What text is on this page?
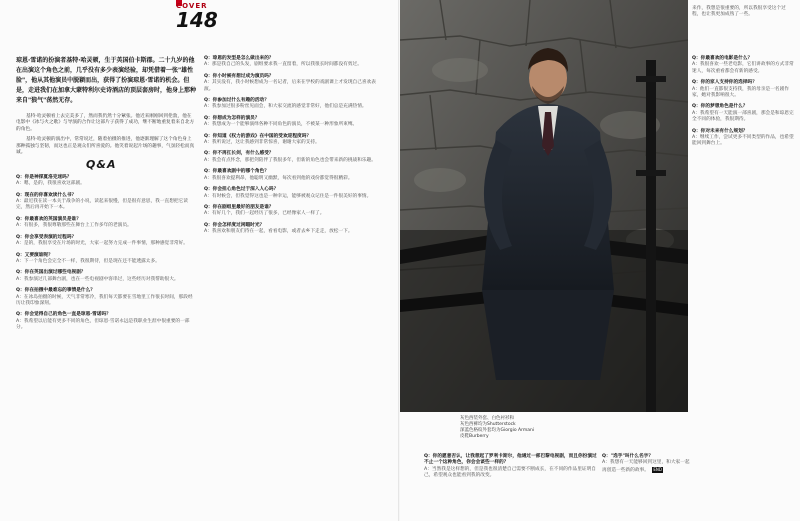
COVER
148
琼恩·雪诺的扮演者基特·哈灵顿，生于英国伯卡斯郡。二十九岁的他在出演这个角色之前，几乎没有多少表演经验，却凭借着一张"雄性脸"，他从其他演员中脱颖而出，获得了扮演琼恩·雪诺的机会。但是，走进我们在加拿大蒙特利尔史诗酒店的顶层套房时，他身上那种来自"狼气"荡然无存。

基特·哈灵顿看上去完美多了，然而我仍然十分紧张。他近来刚刚回到伦敦，他在电影中《冰与火之歌》与导演的合作让这部片子获得了成功，继不断地重复着来自北方的角色。

基特·哈灵顿的演出中，常常说过，随着拍摄的推进，他逐渐理解了这个角色身上那种孤独与坚韧，而这也正是观众们所喜爱的。他笑着说起片场的趣事，气氛轻松而真诚。

Q&A
Q：你是神探夏洛克迷吗？
A：嗯，是的，我很喜欢这部剧。
Q：现在的你喜欢读什么书？
A：最近我在读一本关于战争的小说，读起来很慢，但是很有意思，我一直想把它读完，然后再开始下一本。
Q：你最喜欢的英国演员是谁？
A：有很多，我很尊敬那些在舞台上工作多年的老演员。
Q：你会享受表演的过程吗？
A：是的，我很享受在片场的时光，大家一起努力完成一件事情，那种感觉非常好。
Q：又要演谁呢？
A：下一个角色会完全不一样，我很期待，但是现在还不能透露太多。
Q：你在英国出演过哪些电视剧？
A：我参演过几部舞台剧，也在一些电视剧中客串过，这些经历对我帮助很大。
Q：你在拍摄中最难忘的事情是什么？
A：在冰岛拍摄的时候，天气非常寒冷，我们每天都要在雪地里工作很长时间，那段经历让我印象深刻。
Q：你会觉得自己的角色一直是琼恩·雪诺吗？
A：我希望以后能有更多不同的角色，但琼恩·雪诺永远是我职业生涯中很重要的一部分。
Q：琼恩的发型是怎么做出来的？
A：那是我自己的头发，剧组要求我一直留着，所以我很长时间都没有剪过。
Q：你小时候有想过成为演员吗？
A：其实没有，我小时候想成为一名记者，后来在学校的戏剧课上才发现自己喜欢表演。
Q：你参加过什么有趣的活动？
A：我参加过很多粉丝见面会，和大家交流的感觉非常好，他们总是充满热情。
Q：你想成为怎样的演员？
A：我想成为一个能够演绎各种不同角色的演员，不被某一种形象所束缚。
Q：你知道《权力的游戏》在中国的受欢迎程度吗？
A：我听说过，这让我感到非常惊喜，谢谢大家的支持。
Q：你不再扛长剑，有什么感受？
A：我会有点怀念，那把剑陪伴了我很多年，但新的角色也会带来新的挑战和乐趣。
Q：你最喜欢剧中的哪个角色？
A：我很喜欢提利昂，他聪明又幽默，每次看到他的戏份都觉得很精彩。
Q：你会担心角色过于深入人心吗？
A：有时候会，但我觉得这也是一种幸运，能够被观众记住是一件很美好的事情。
Q：你在剧组里最好的朋友是谁？
A：有好几个，我们一起经历了很多，已经像家人一样了。
Q：你会怎样度过闲暇时光？
A：我喜欢和朋友们待在一起，看看电影，或者去乡下走走，放松一下。
来作，我想是很重要的，所以我很享受这个过程，也让我更加成熟了一些。
Q：你最喜欢的电影是什么？
A：我很喜欢一些老电影，它们讲故事的方式非常迷人，每次重看都会有新的感受。
Q：你的家人支持你的选择吗？
A：他们一直都很支持我，我的母亲是一名剧作家，她对我影响很大。
Q：你的梦想角色是什么？
A：我希望有一天能演一部喜剧，那会是和琼恩完全不同的体验，我很期待。
Q：你对未来有什么规划？
A：继续工作，尝试更多不同类型的作品，也希望能回到舞台上。
灰色西装外套、白色衬衫和
灰色西裤均为Shutterstock
深蓝色格纹外套均为Giorgio Armani
皮鞋Burberry
Q：你的愿意否认，让我想起了罗利卡斯尔，他通过一部巴黎电视剧，而且你扮演过不止一个这种角色，你会会谈些一样的？
A：当然我是这样想的，但是我也很清楚自己需要不断成长，在不同的作品里证明自己，希望观众也能看到我的改变。
Q："选手"叫什么名字？
A：我想有一天能够回到这里，和大家一起再创造一些新的故事。 END
